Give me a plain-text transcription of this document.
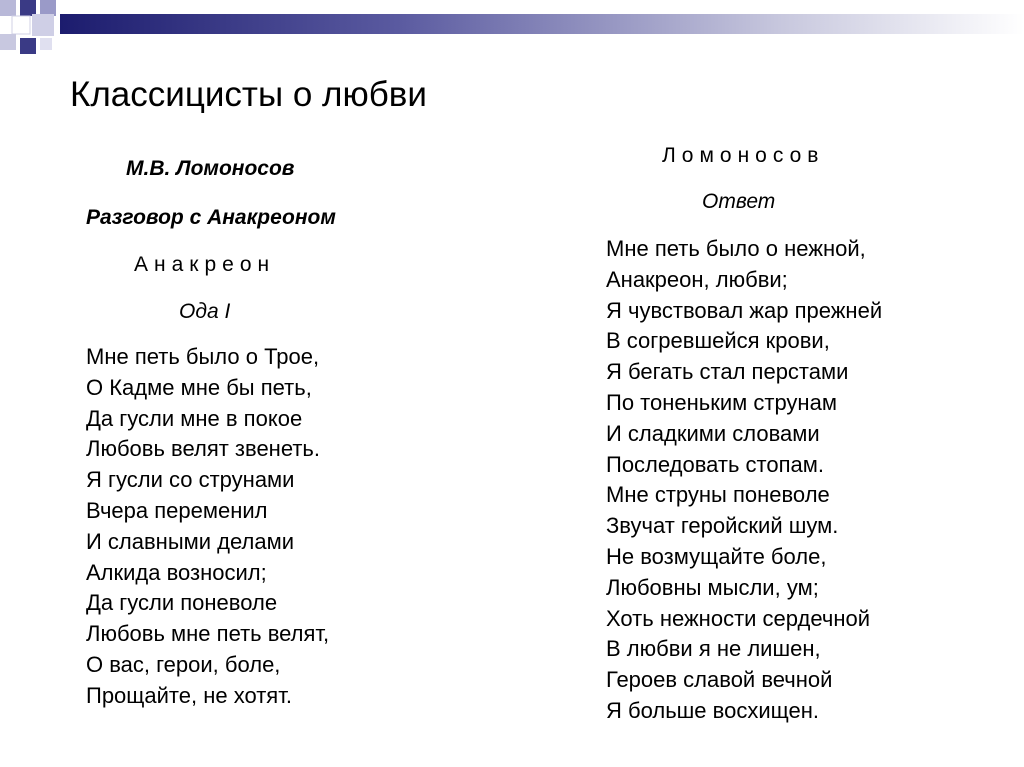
Классицисты о любви
М.В. Ломоносов
Разговор с Анакреоном
Анакреон
Ода I
Мне петь было о Трое,
О Кадме мне бы петь,
Да гусли мне в покое
Любовь велят звенеть.
Я гусли со струнами
Вчера переменил
И славными делами
Алкида возносил;
Да гусли поневоле
Любовь мне петь велят,
О вас, герои, боле,
Прощайте, не хотят.
Ломоносов
Ответ
Мне петь было о нежной,
Анакреон, любви;
Я чувствовал жар прежней
В согревшейся крови,
Я бегать стал перстами
По тоненьким струнам
И сладкими словами
Последовать стопам.
Мне струны поневоле
Звучат геройский шум.
Не возмущайте боле,
Любовны мысли, ум;
Хоть нежности сердечной
В любви я не лишен,
Героев славой вечной
Я больше восхищен.
